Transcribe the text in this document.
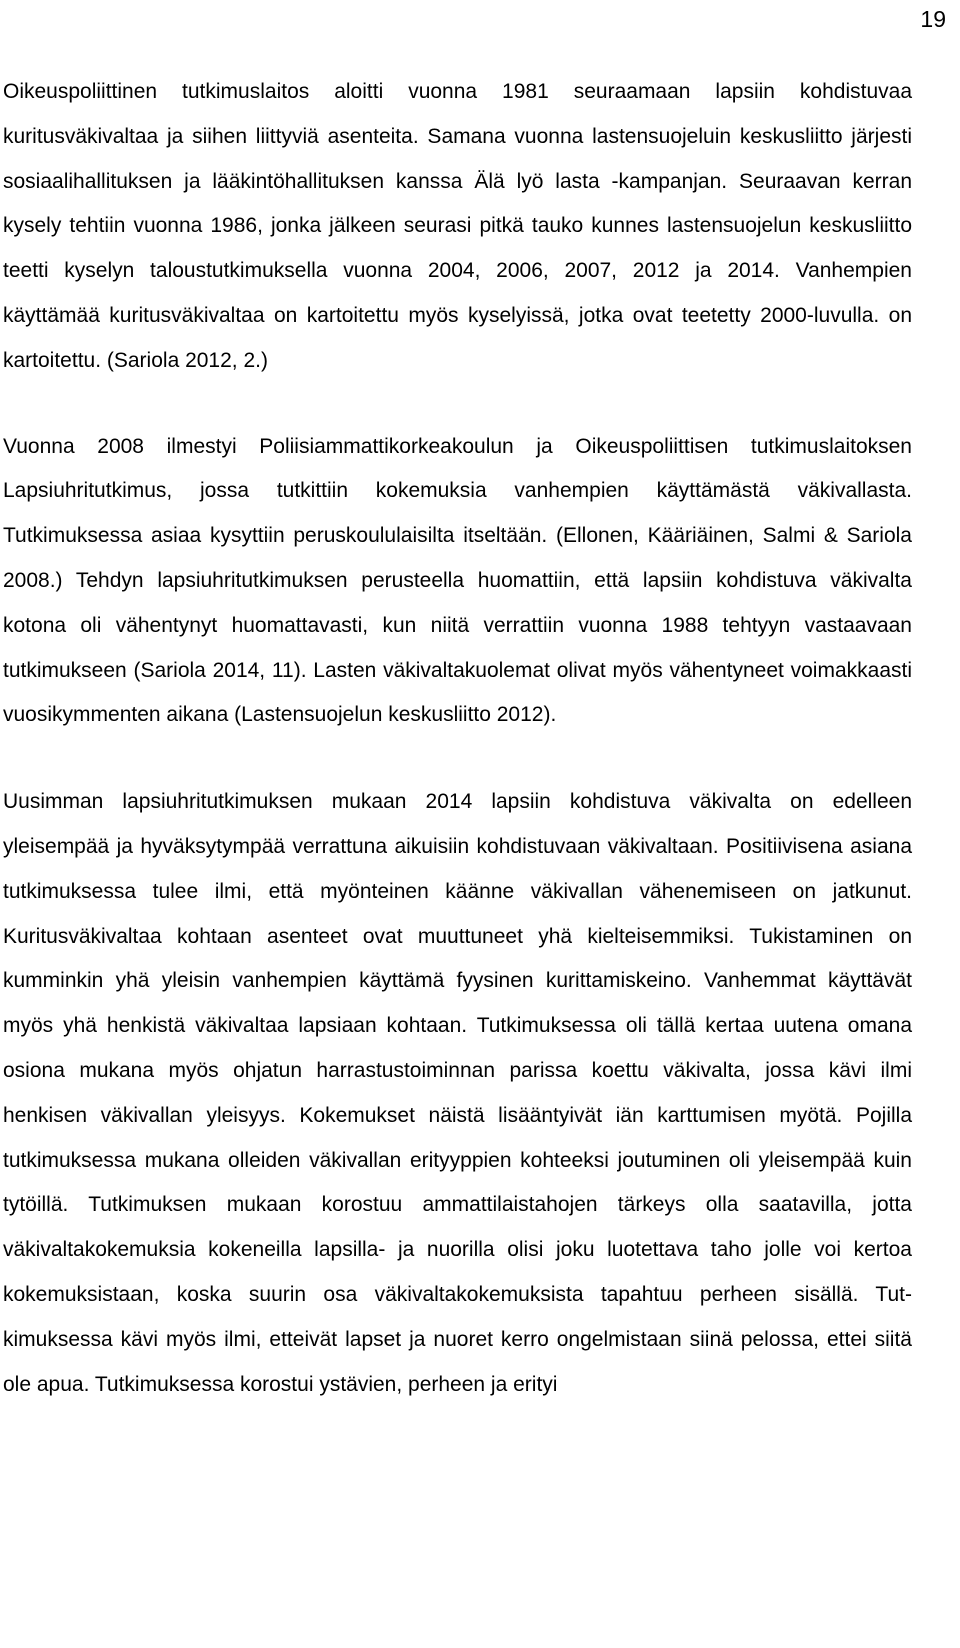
19

Oikeuspoliittinen tutkimuslaitos aloitti vuonna 1981 seuraamaan lapsiin kohdistuvaa kuritusväkivaltaa ja siihen liittyviä asenteita. Samana vuonna lastensuojeluin keskusliitto järjesti sosiaalihallituksen ja lääkintöhallituksen kanssa Älä lyö lasta -kampanjan. Seuraavan kerran kysely tehtiin vuonna 1986, jonka jälkeen seurasi pitkä tauko kunnes lastensuojelun keskusliitto teetti kyselyn taloustutkimuksella vuonna 2004, 2006, 2007, 2012 ja 2014. Vanhempien käyttämää kuritusväkivaltaa on kartoitettu myös kyselyissä, jotka ovat teetetty 2000-luvulla. on kartoitettu. (Sariola 2012, 2.)

Vuonna 2008 ilmestyi Poliisiammattikorkeakoulun ja Oikeuspoliittisen tutkimuslaitoksen Lapsiuhritutkimus, jossa tutkittiin kokemuksia vanhempien käyttämästä väkivallasta. Tutkimuksessa asiaa kysyttiin peruskoululaisilta itseltään. (Ellonen, Kääriäinen, Salmi & Sariola 2008.) Tehdyn lapsiuhritutkimuksen perusteella huomattiin, että lapsiin kohdistuva väkivalta kotona oli vähentynyt huomattavasti, kun niitä verrattiin vuonna 1988 tehtyyn vastaavaan tutkimukseen (Sariola 2014, 11). Lasten väkivaltakuolemat olivat myös vähentyneet voimakkaasti vuosikymmenten aikana (Lastensuojelun keskusliitto 2012).

Uusimman lapsiuhritutkimuksen mukaan 2014 lapsiin kohdistuva väkivalta on edelleen yleisempää ja hyväksytympää verrattuna aikuisiin kohdistuvaan väkivaltaan. Positiivisena asiana tutkimuksessa tulee ilmi, että myönteinen käänne väkivallan vähenemiseen on jatkunut. Kuritusväkivaltaa kohtaan asenteet ovat muuttuneet yhä kielteisemmiksi. Tukistaminen on kumminkin yhä yleisin vanhempien käyttämä fyysinen kurittamiskeino. Vanhemmat käyttävät myös yhä henkistä väkivaltaa lapsiaan kohtaan. Tutkimuksessa oli tällä kertaa uutena omana osiona mukana myös ohjatun harrastustoiminnan parissa koettu väkivalta, jossa kävi ilmi henkisen väkivallan yleisyys. Kokemukset näistä lisääntyivät iän karttumisen myötä. Pojilla tutkimuksessa mukana olleiden väkivallan erityyppien kohteeksi joutuminen oli yleisempää kuin tytöillä. Tutkimuksen mukaan korostuu ammattilaistahojen tärkeys olla saatavilla, jotta väkivaltakokemuksia kokeneilla lapsilla- ja nuorilla olisi joku luotettava taho jolle voi kertoa kokemuksistaan, koska suurin osa väkivaltakokemuksista tapahtuu perheen sisällä. Tutkimuksessa kävi myös ilmi, etteivät lapset ja nuoret kerro ongelmistaan siinä pelossa, ettei siitä ole apua. Tutkimuksessa korostui ystävien, perheen ja erityi
